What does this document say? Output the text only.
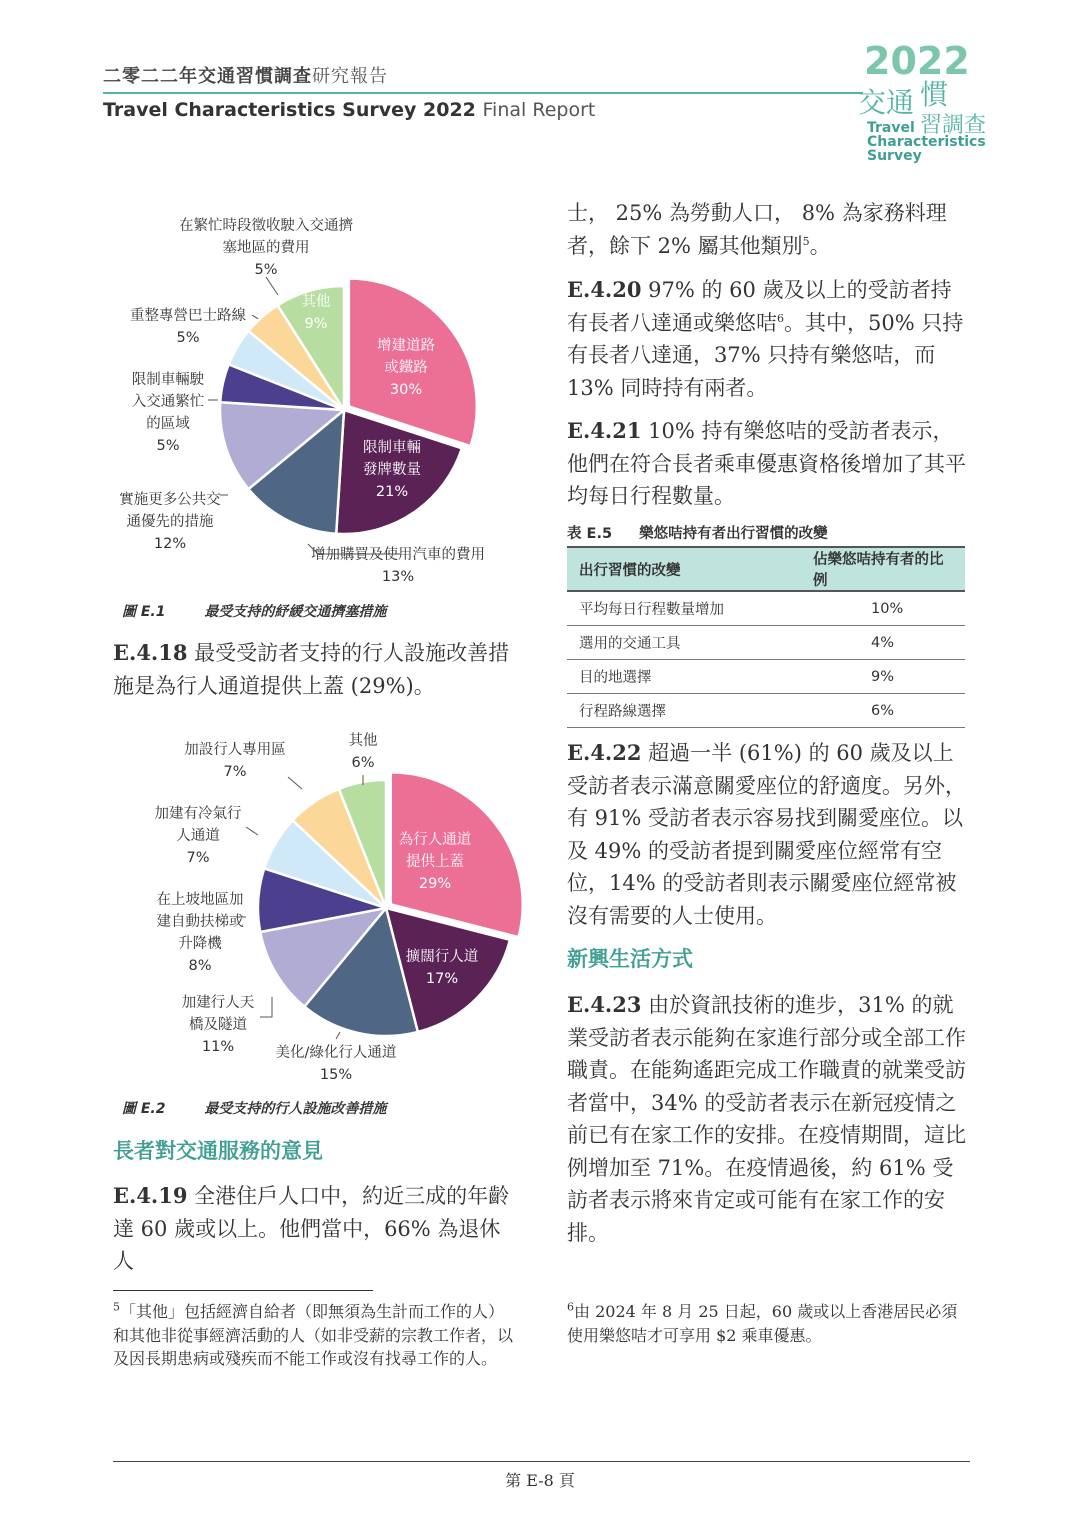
二零二二年交通習慣調查研究報告
Travel Characteristics Survey 2022 Final Report
2022
交通 慣習調查
Travel
Characteristics
Survey
增建道路或鐵路 30%
限制車輛發牌數量 21%
增加購買及使用汽車的費用 13%
實施更多公共交通優先的措施 12%
限制車輛駛入交通繁忙的區域 5%
重整專營巴士路線 5%
在繁忙時段徵收駛入交通擠塞地區的費用 5%
其他 9%
圖 E.1	最受支持的紓緩交通擠塞措施
E.4.18 最受受訪者支持的行人設施改善措施是為行人通道提供上蓋 (29%)。
為行人通道提供上蓋 29%
擴闊行人道 17%
美化/綠化行人通道 15%
加建行人天橋及隧道 11%
在上坡地區加建自動扶梯或升降機 8%
加建有冷氣行人通道 7%
加設行人專用區 7%
其他 6%
圖 E.2	最受支持的行人設施改善措施
長者對交通服務的意見
E.4.19 全港住戶人口中，約近三成的年齡達 60 歲或以上。他們當中，66% 為退休人
士， 25% 為勞動人口， 8% 為家務料理者，餘下 2% 屬其他類別$^5$。
E.4.20 97% 的 60 歲及以上的受訪者持有長者八達通或樂悠咭$^6$。其中，50% 只持有長者八達通，37% 只持有樂悠咭，而 13% 同時持有兩者。
E.4.21 10% 持有樂悠咭的受訪者表示，他們在符合長者乘車優惠資格後增加了其平均每日行程數量。
表 E.5 樂悠咭持有者出行習慣的改變
出行習慣的改變	佔樂悠咭持有者的比例
平均每日行程數量增加	10%
選用的交通工具	4%
目的地選擇	9%
行程路線選擇	6%
E.4.22 超過一半 (61%) 的 60 歲及以上受訪者表示滿意關愛座位的舒適度。另外，有 91% 受訪者表示容易找到關愛座位。以及 49% 的受訪者提到關愛座位經常有空位，14% 的受訪者則表示關愛座位經常被沒有需要的人士使用。
新興生活方式
E.4.23 由於資訊技術的進步，31% 的就業受訪者表示能夠在家進行部分或全部工作職責。在能夠遙距完成工作職責的就業受訪者當中，34% 的受訪者表示在新冠疫情之前已有在家工作的安排。在疫情期間，這比例增加至 71%。在疫情過後，約 61% 受訪者表示將來肯定或可能有在家工作的安排。
$^5$「其他」包括經濟自給者（即無須為生計而工作的人）和其他非從事經濟活動的人（如非受薪的宗教工作者，以及因長期患病或殘疾而不能工作或沒有找尋工作的人。
$^6$由 2024 年 8 月 25 日起，60 歲或以上香港居民必須使用樂悠咭才可享用 $2 乘車優惠。
第 E-8 頁
